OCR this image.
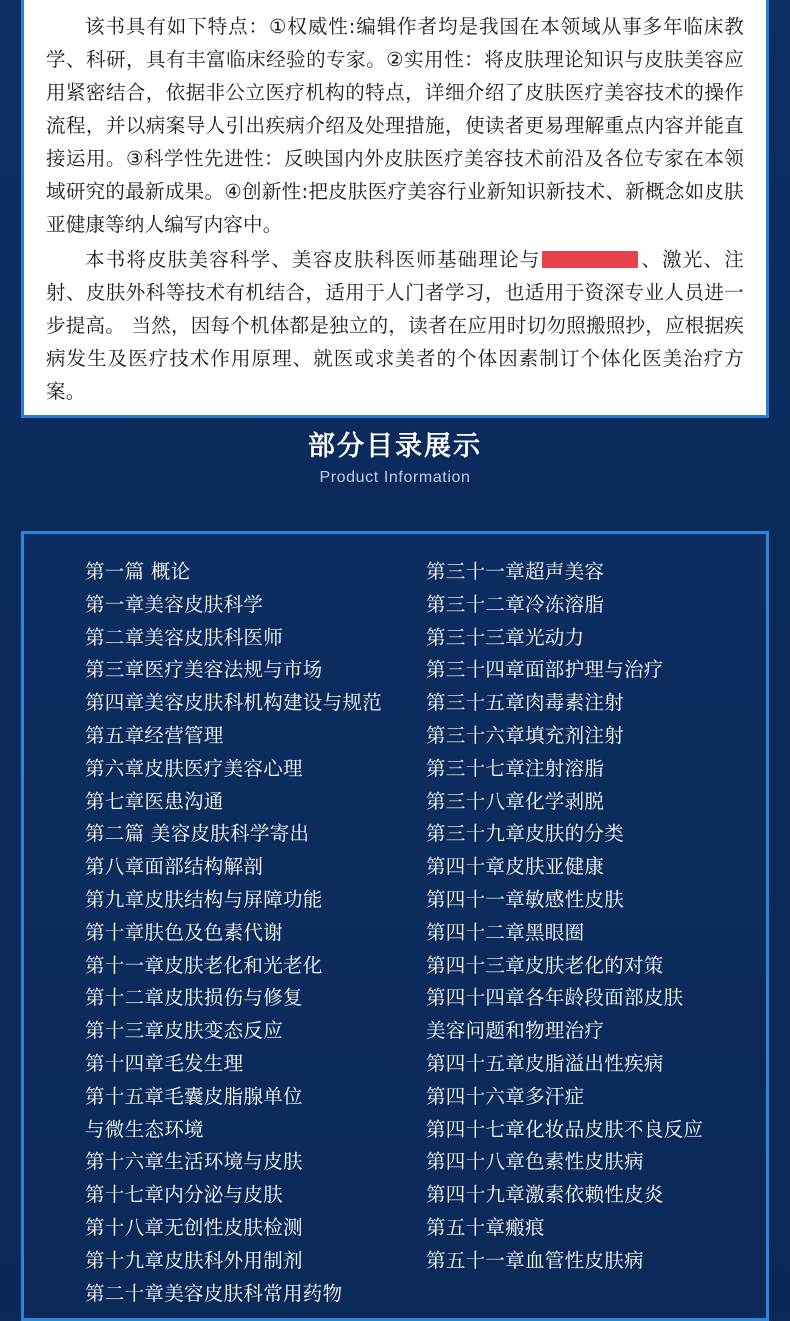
该书具有如下特点：①权威性:编辑作者均是我国在本领域从事多年临床教学、科研，具有丰富临床经验的专家。②实用性：将皮肤理论知识与皮肤美容应用紧密结合，依据非公立医疗机构的特点，详细介绍了皮肤医疗美容技术的操作流程，并以病案导人引出疾病介绍及处理措施，使读者更易理解重点内容并能直接运用。③科学性先进性：反映国内外皮肤医疗美容技术前沿及各位专家在本领域研究的最新成果。④创新性:把皮肤医疗美容行业新知识新技术、新概念如皮肤亚健康等纳人编写内容中。

本书将皮肤美容科学、美容皮肤科医师基础理论与	、激光、注射、皮肤外科等技术有机结合，适用于人门者学习，也适用于资深专业人员进一步提高。 当然，因每个机体都是独立的，读者在应用时切勿照搬照抄，应根据疾病发生及医疗技术作用原理、就医或求美者的个体因素制订个体化医美治疗方案。

部分目录展示
Product Information
第一篇 概论
第一章美容皮肤科学
第二章美容皮肤科医师
第三章医疗美容法规与市场
第四章美容皮肤科机构建设与规范
第五章经营管理
第六章皮肤医疗美容心理
第七章医患沟通
第二篇 美容皮肤科学寄出
第八章面部结构解剖
第九章皮肤结构与屏障功能
第十章肤色及色素代谢
第十一章皮肤老化和光老化
第十二章皮肤损伤与修复
第十三章皮肤变态反应
第十四章毛发生理
第十五章毛囊皮脂腺单位
与微生态环境
第十六章生活环境与皮肤
第十七章内分泌与皮肤
第十八章无创性皮肤检测
第十九章皮肤科外用制剂
第二十章美容皮肤科常用药物
第三十一章超声美容
第三十二章冷冻溶脂
第三十三章光动力
第三十四章面部护理与治疗
第三十五章肉毒素注射
第三十六章填充剂注射
第三十七章注射溶脂
第三十八章化学剥脱
第三十九章皮肤的分类
第四十章皮肤亚健康
第四十一章敏感性皮肤
第四十二章黑眼圈
第四十三章皮肤老化的对策
第四十四章各年龄段面部皮肤
美容问题和物理治疗
第四十五章皮脂溢出性疾病
第四十六章多汗症
第四十七章化妆品皮肤不良反应
第四十八章色素性皮肤病
第四十九章激素依赖性皮炎
第五十章瘢痕
第五十一章血管性皮肤病
